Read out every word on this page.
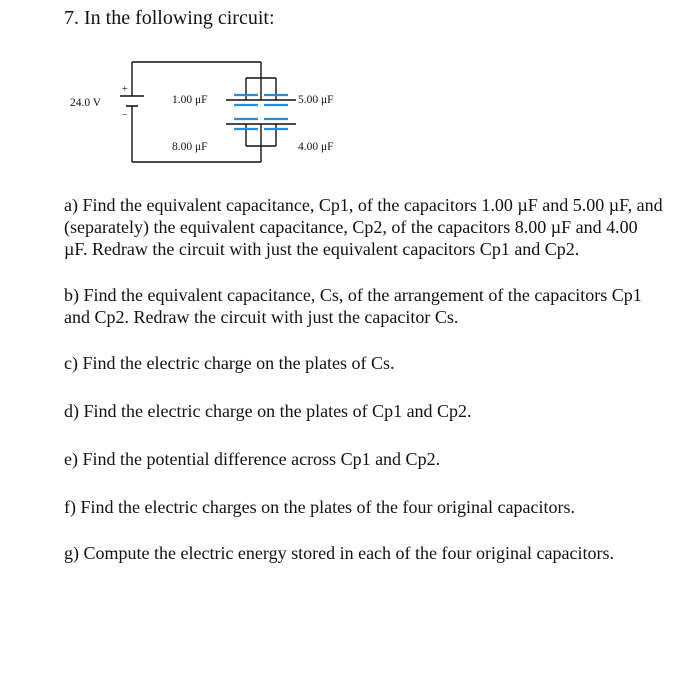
7. In the following circuit:
24.0 V
+
−
1.00 μF	5.00 μF
8.00 μF	4.00 μF

a) Find the equivalent capacitance, Cp1, of the capacitors 1.00 µF and 5.00 µF, and (separately) the equivalent capacitance, Cp2, of the capacitors 8.00 µF and 4.00 µF. Redraw the circuit with just the equivalent capacitors Cp1 and Cp2.

b) Find the equivalent capacitance, Cs, of the arrangement of the capacitors Cp1 and Cp2. Redraw the circuit with just the capacitor Cs.

c) Find the electric charge on the plates of Cs.

d) Find the electric charge on the plates of Cp1 and Cp2.

e) Find the potential difference across Cp1 and Cp2.

f) Find the electric charges on the plates of the four original capacitors.

g) Compute the electric energy stored in each of the four original capacitors.
